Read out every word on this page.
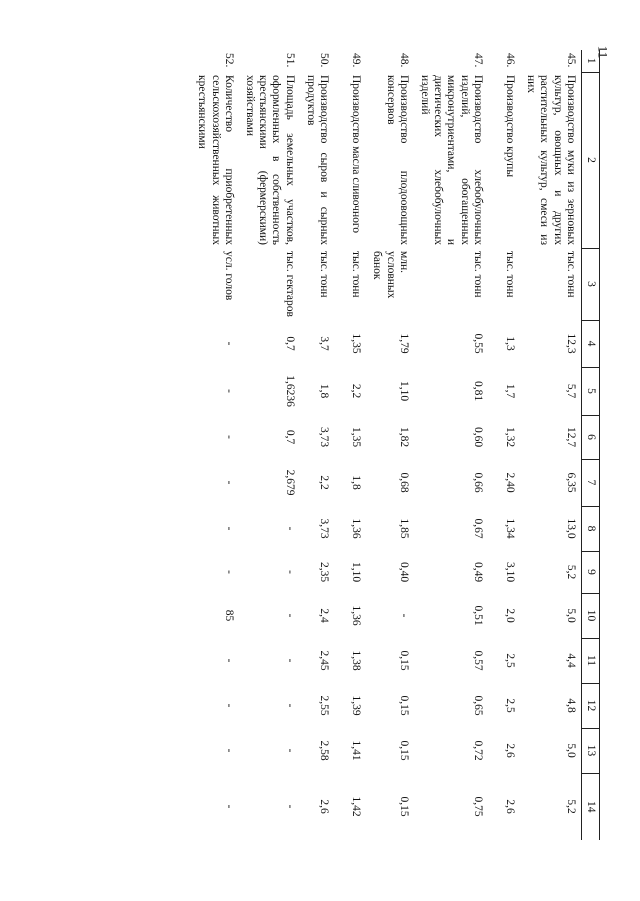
11
1	2	3	4	5	6	7	8	9	10	11	12	13	14
45.	Производство муки из зерновых культур, овощных и других растительных культур, смеси из них	тыс. тонн	12,3	5,7	12,7	6,35	13,0	5,2	5,0	4,4	4,8	5,0	5,2
46.	Производство крупы	тыс. тонн	1,3	1,7	1,32	2,40	1,34	3,10	2,0	2,5	2,5	2,6	2,6
47.	Производство хлебобулочных изделий, обогащенных микронутриентами, и диетических хлебобулочных изделий	тыс. тонн	0,55	0,81	0,60	0,66	0,67	0,49	0,51	0,57	0,65	0,72	0,75
48.	Производство плодоовощных консервов	млн. условных банок	1,79	1,10	1,82	0,68	1,85	0,40	-	0,15	0,15	0,15	0,15
49.	Производство масла сливочного	тыс. тонн	1,35	2,2	1,35	1,8	1,36	1,10	1,36	1,38	1,39	1,41	1,42
50.	Производство сыров и сырных продуктов	тыс. тонн	3,7	1,8	3,73	2,2	3,73	2,35	2,4	2,45	2,55	2,58	2,6
51.	Площадь земельных участков, оформленных в собственность крестьянскими (фермерскими) хозяйствами	тыс. гектаров	0,7	1,6236	0,7	2,679	-	-	-	-	-	-	-
52.	Количество приобретенных сельскохозяйственных животных крестьянскими	усл. голов	-	-	-	-	-	-	85	-	-	-	-
